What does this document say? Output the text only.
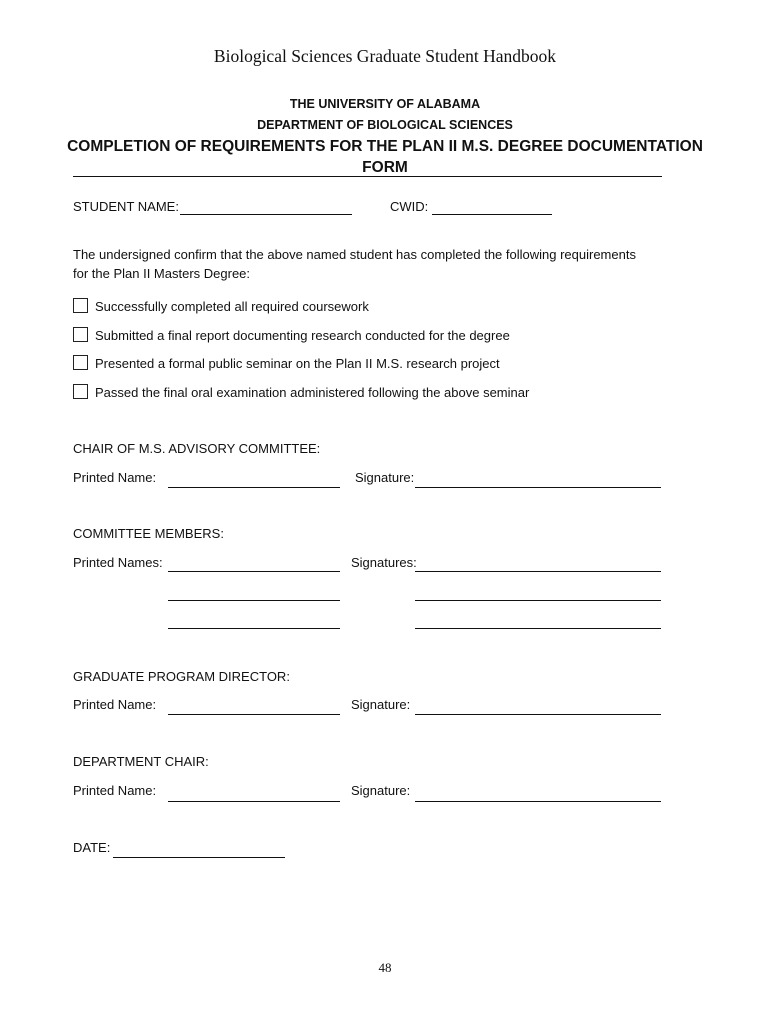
Biological Sciences Graduate Student Handbook
THE UNIVERSITY OF ALABAMA
DEPARTMENT OF BIOLOGICAL SCIENCES
COMPLETION OF REQUIREMENTS FOR THE PLAN II M.S. DEGREE DOCUMENTATION
FORM
STUDENT NAME:	CWID:
The undersigned confirm that the above named student has completed the following requirements
for the Plan II Masters Degree:
Successfully completed all required coursework
Submitted a final report documenting research conducted for the degree
Presented a formal public seminar on the Plan II M.S. research project
Passed the final oral examination administered following the above seminar
CHAIR OF M.S. ADVISORY COMMITTEE:
Printed Name:	Signature:
COMMITTEE MEMBERS:
Printed Names:	Signatures:
GRADUATE PROGRAM DIRECTOR:
Printed Name:	Signature:
DEPARTMENT CHAIR:
Printed Name:	Signature:
DATE:
48
